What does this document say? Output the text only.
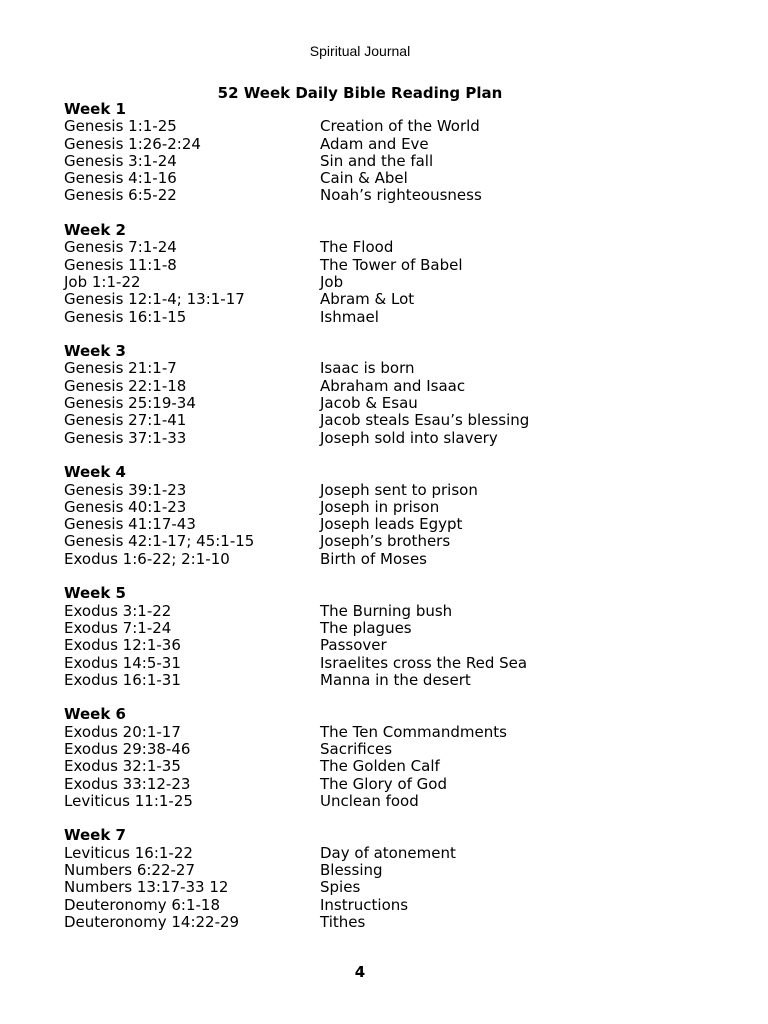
Spiritual Journal
52 Week Daily Bible Reading Plan
Week 1
Genesis 1:1-25	Creation of the World
Genesis 1:26-2:24	Adam and Eve
Genesis 3:1-24	Sin and the fall
Genesis 4:1-16	Cain & Abel
Genesis 6:5-22	Noah’s righteousness
Week 2
Genesis 7:1-24	The Flood
Genesis 11:1-8	The Tower of Babel
Job 1:1-22	Job
Genesis 12:1-4; 13:1-17	Abram & Lot
Genesis 16:1-15	Ishmael
Week 3
Genesis 21:1-7	Isaac is born
Genesis 22:1-18	Abraham and Isaac
Genesis 25:19-34	Jacob & Esau
Genesis 27:1-41	Jacob steals Esau’s blessing
Genesis 37:1-33	Joseph sold into slavery
Week 4
Genesis 39:1-23	Joseph sent to prison
Genesis 40:1-23	Joseph in prison
Genesis 41:17-43	Joseph leads Egypt
Genesis 42:1-17; 45:1-15	Joseph’s brothers
Exodus 1:6-22; 2:1-10	Birth of Moses
Week 5
Exodus 3:1-22	The Burning bush
Exodus 7:1-24	The plagues
Exodus 12:1-36	Passover
Exodus 14:5-31	Israelites cross the Red Sea
Exodus 16:1-31	Manna in the desert
Week 6
Exodus 20:1-17	The Ten Commandments
Exodus 29:38-46	Sacrifices
Exodus 32:1-35	The Golden Calf
Exodus 33:12-23	The Glory of God
Leviticus 11:1-25	Unclean food
Week 7
Leviticus 16:1-22	Day of atonement
Numbers 6:22-27	Blessing
Numbers 13:17-33 12	Spies
Deuteronomy 6:1-18	Instructions
Deuteronomy 14:22-29	Tithes
4
